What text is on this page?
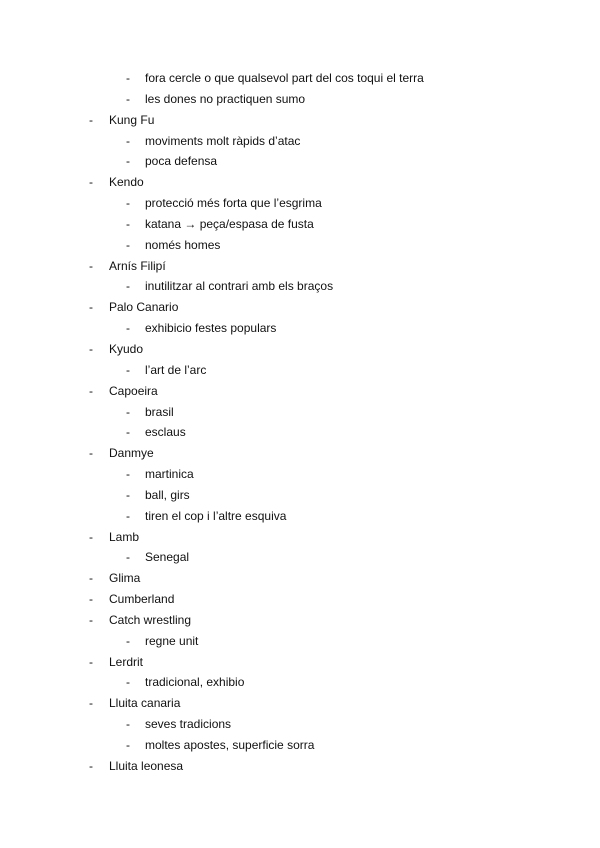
- fora cercle o que qualsevol part del cos toqui el terra
- les dones no practiquen sumo
- Kung Fu
- moviments molt ràpids d’atac
- poca defensa
- Kendo
- protecció més forta que l’esgrima
- katana → peça/espasa de fusta
- només homes
- Arnís Filipí
- inutilitzar al contrari amb els braços
- Palo Canario
- exhibicio festes populars
- Kyudo
- l’art de l’arc
- Capoeira
- brasil
- esclaus
- Danmye
- martinica
- ball, girs
- tiren el cop i l’altre esquiva
- Lamb
- Senegal
- Glima
- Cumberland
- Catch wrestling
- regne unit
- Lerdrit
- tradicional, exhibio
- Lluita canaria
- seves tradicions
- moltes apostes, superficie sorra
- Lluita leonesa
